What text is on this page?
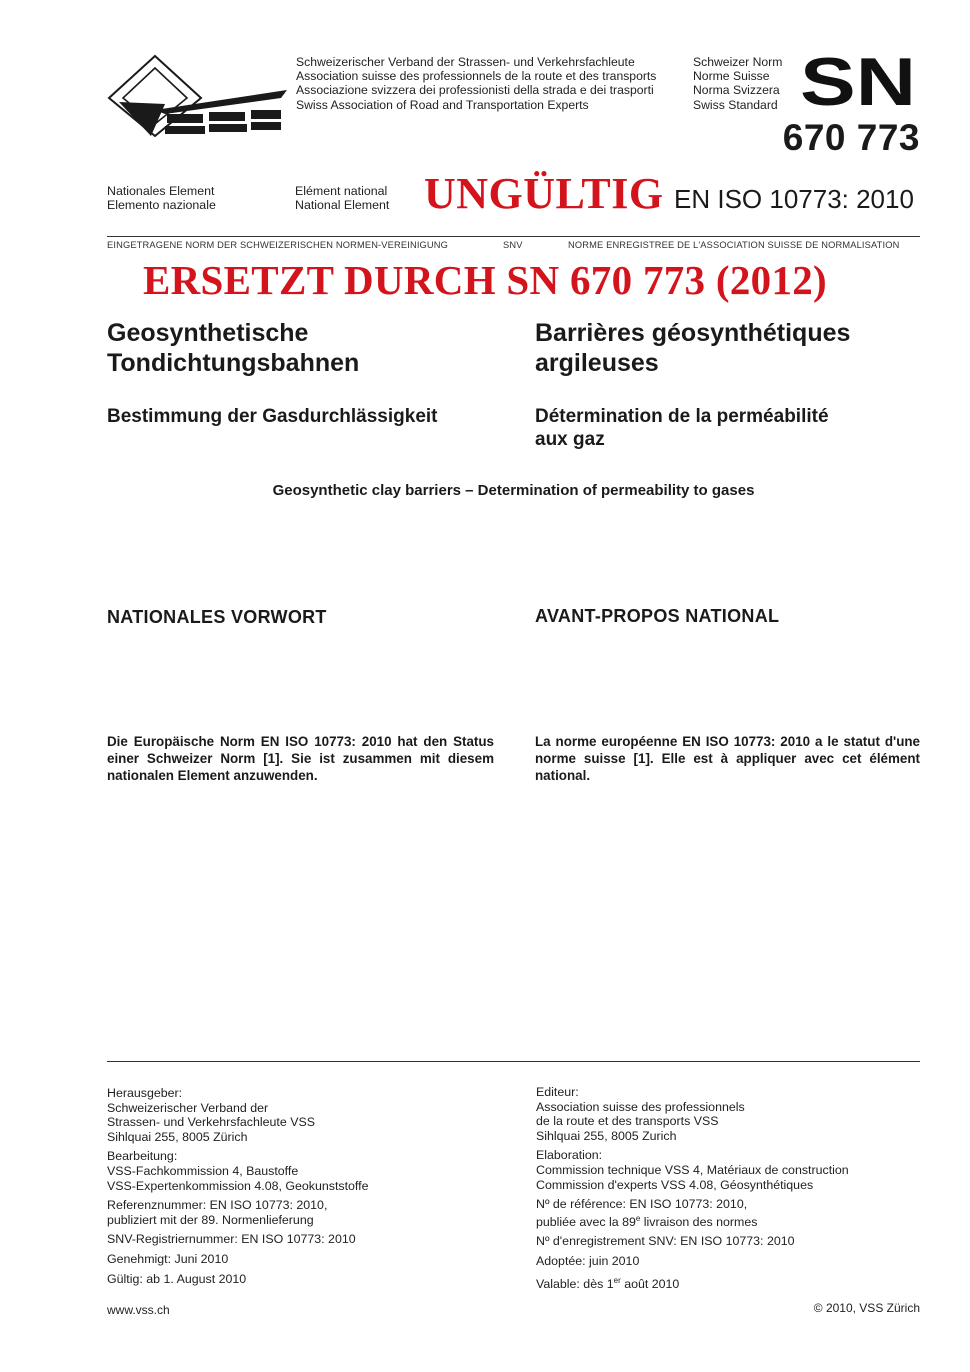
VSS
Schweizerischer Verband der Strassen- und Verkehrsfachleute
Association suisse des professionnels de la route et des transports
Associazione svizzera dei professionisti della strada e dei trasporti
Swiss Association of Road and Transportation Experts
Schweizer Norm
Norme Suisse
Norma Svizzera
Swiss Standard SN
670 773
Nationales Element
Elemento nazionale
Elément national
National Element UNGÜLTIG EN ISO 10773: 2010
EINGETRAGENE NORM DER SCHWEIZERISCHEN NORMEN-VEREINIGUNG	SNV	NORME ENREGISTREE DE L'ASSOCIATION SUISSE DE NORMALISATION
ERSETZT DURCH SN 670 773 (2012)
Geosynthetische
Tondichtungsbahnen
Barrières géosynthétiques
argileuses
Bestimmung der Gasdurchlässigkeit	Détermination de la perméabilité
aux gaz
Geosynthetic clay barriers – Determination of permeability to gases
NATIONALES VORWORT	AVANT-PROPOS NATIONAL
Die Europäische Norm EN ISO 10773: 2010 hat den Status einer Schweizer Norm [1]. Sie ist zusammen mit diesem nationalen Element anzuwenden.
La norme européenne EN ISO 10773: 2010 a le statut d'une norme suisse [1]. Elle est à appliquer avec cet élément national.
Herausgeber:
Schweizerischer Verband der
Strassen- und Verkehrsfachleute VSS
Sihlquai 255, 8005 Zürich
Bearbeitung:
VSS-Fachkommission 4, Baustoffe
VSS-Expertenkommission 4.08, Geokunststoffe
Referenznummer: EN ISO 10773: 2010,
publiziert mit der 89. Normenlieferung
SNV-Registriernummer: EN ISO 10773: 2010
Genehmigt: Juni 2010
Gültig: ab 1. August 2010
Editeur:
Association suisse des professionnels
de la route et des transports VSS
Sihlquai 255, 8005 Zurich
Elaboration:
Commission technique VSS 4, Matériaux de construction
Commission d'experts VSS 4.08, Géosynthétiques
Nº de référence: EN ISO 10773: 2010,
publiée avec la 89e livraison des normes
Nº d'enregistrement SNV: EN ISO 10773: 2010
Adoptée: juin 2010
Valable: dès 1er août 2010
www.vss.ch	© 2010, VSS Zürich
